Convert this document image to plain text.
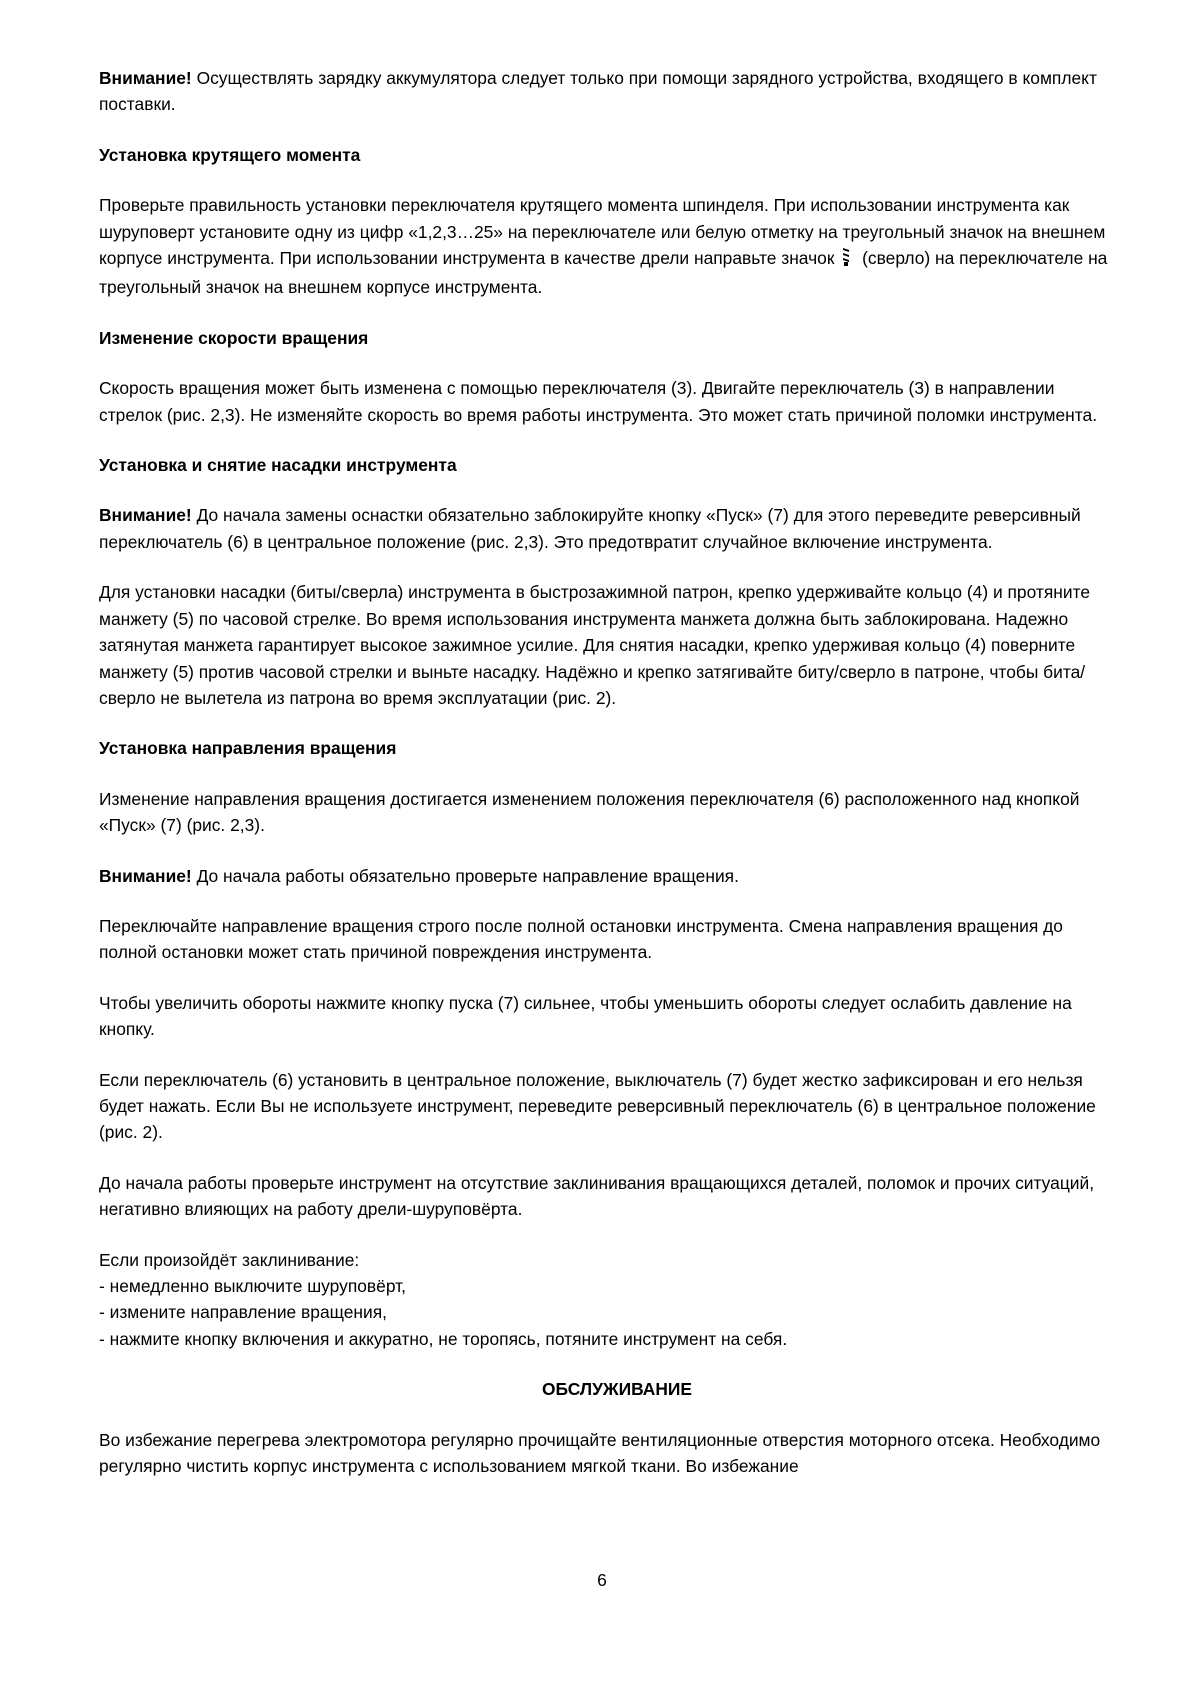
Внимание! Осуществлять зарядку аккумулятора следует только при помощи зарядного устройства, входящего в комплект поставки.

Установка крутящего момента

Проверьте правильность установки переключателя крутящего момента шпинделя. При использовании инструмента как шуруповерт установите одну из цифр «1,2,3…25» на переключателе или белую отметку на треугольный значок на внешнем корпусе инструмента. При использовании инструмента в качестве дрели направьте значок (сверло) на переключателе на треугольный значок на внешнем корпусе инструмента.

Изменение скорости вращения

Скорость вращения может быть изменена с помощью переключателя (3). Двигайте переключатель (3) в направлении стрелок (рис. 2,3). Не изменяйте скорость во время работы инструмента. Это может стать причиной поломки инструмента.

Установка и снятие насадки инструмента

Внимание! До начала замены оснастки обязательно заблокируйте кнопку «Пуск» (7) для этого переведите реверсивный переключатель (6) в центральное положение (рис. 2,3). Это предотвратит случайное включение инструмента.

Для установки насадки (биты/сверла) инструмента в быстрозажимной патрон, крепко удерживайте кольцо (4) и протяните манжету (5) по часовой стрелке. Во время использования инструмента манжета должна быть заблокирована. Надежно затянутая манжета гарантирует высокое зажимное усилие. Для снятия насадки, крепко удерживая кольцо (4) поверните манжету (5) против часовой стрелки и выньте насадку. Надёжно и крепко затягивайте биту/сверло в патроне, чтобы бита/сверло не вылетела из патрона во время эксплуатации (рис. 2).

Установка направления вращения

Изменение направления вращения достигается изменением положения переключателя (6) расположенного над кнопкой «Пуск» (7) (рис. 2,3).

Внимание! До начала работы обязательно проверьте направление вращения.

Переключайте направление вращения строго после полной остановки инструмента. Смена направления вращения до полной остановки может стать причиной повреждения инструмента.

Чтобы увеличить обороты нажмите кнопку пуска (7) сильнее, чтобы уменьшить обороты следует ослабить давление на кнопку.

Если переключатель (6) установить в центральное положение, выключатель (7) будет жестко зафиксирован и его нельзя будет нажать. Если Вы не используете инструмент, переведите реверсивный переключатель (6) в центральное положение (рис. 2).

До начала работы проверьте инструмент на отсутствие заклинивания вращающихся деталей, поломок и прочих ситуаций, негативно влияющих на работу дрели-шуруповёрта.

Если произойдёт заклинивание:

- немедленно выключите шуруповёрт,

- измените направление вращения,

- нажмите кнопку включения и аккуратно, не торопясь, потяните инструмент на себя.

ОБСЛУЖИВАНИЕ

Во избежание перегрева электромотора регулярно прочищайте вентиляционные отверстия моторного отсека. Необходимо регулярно чистить корпус инструмента с использованием мягкой ткани. Во избежание

6
